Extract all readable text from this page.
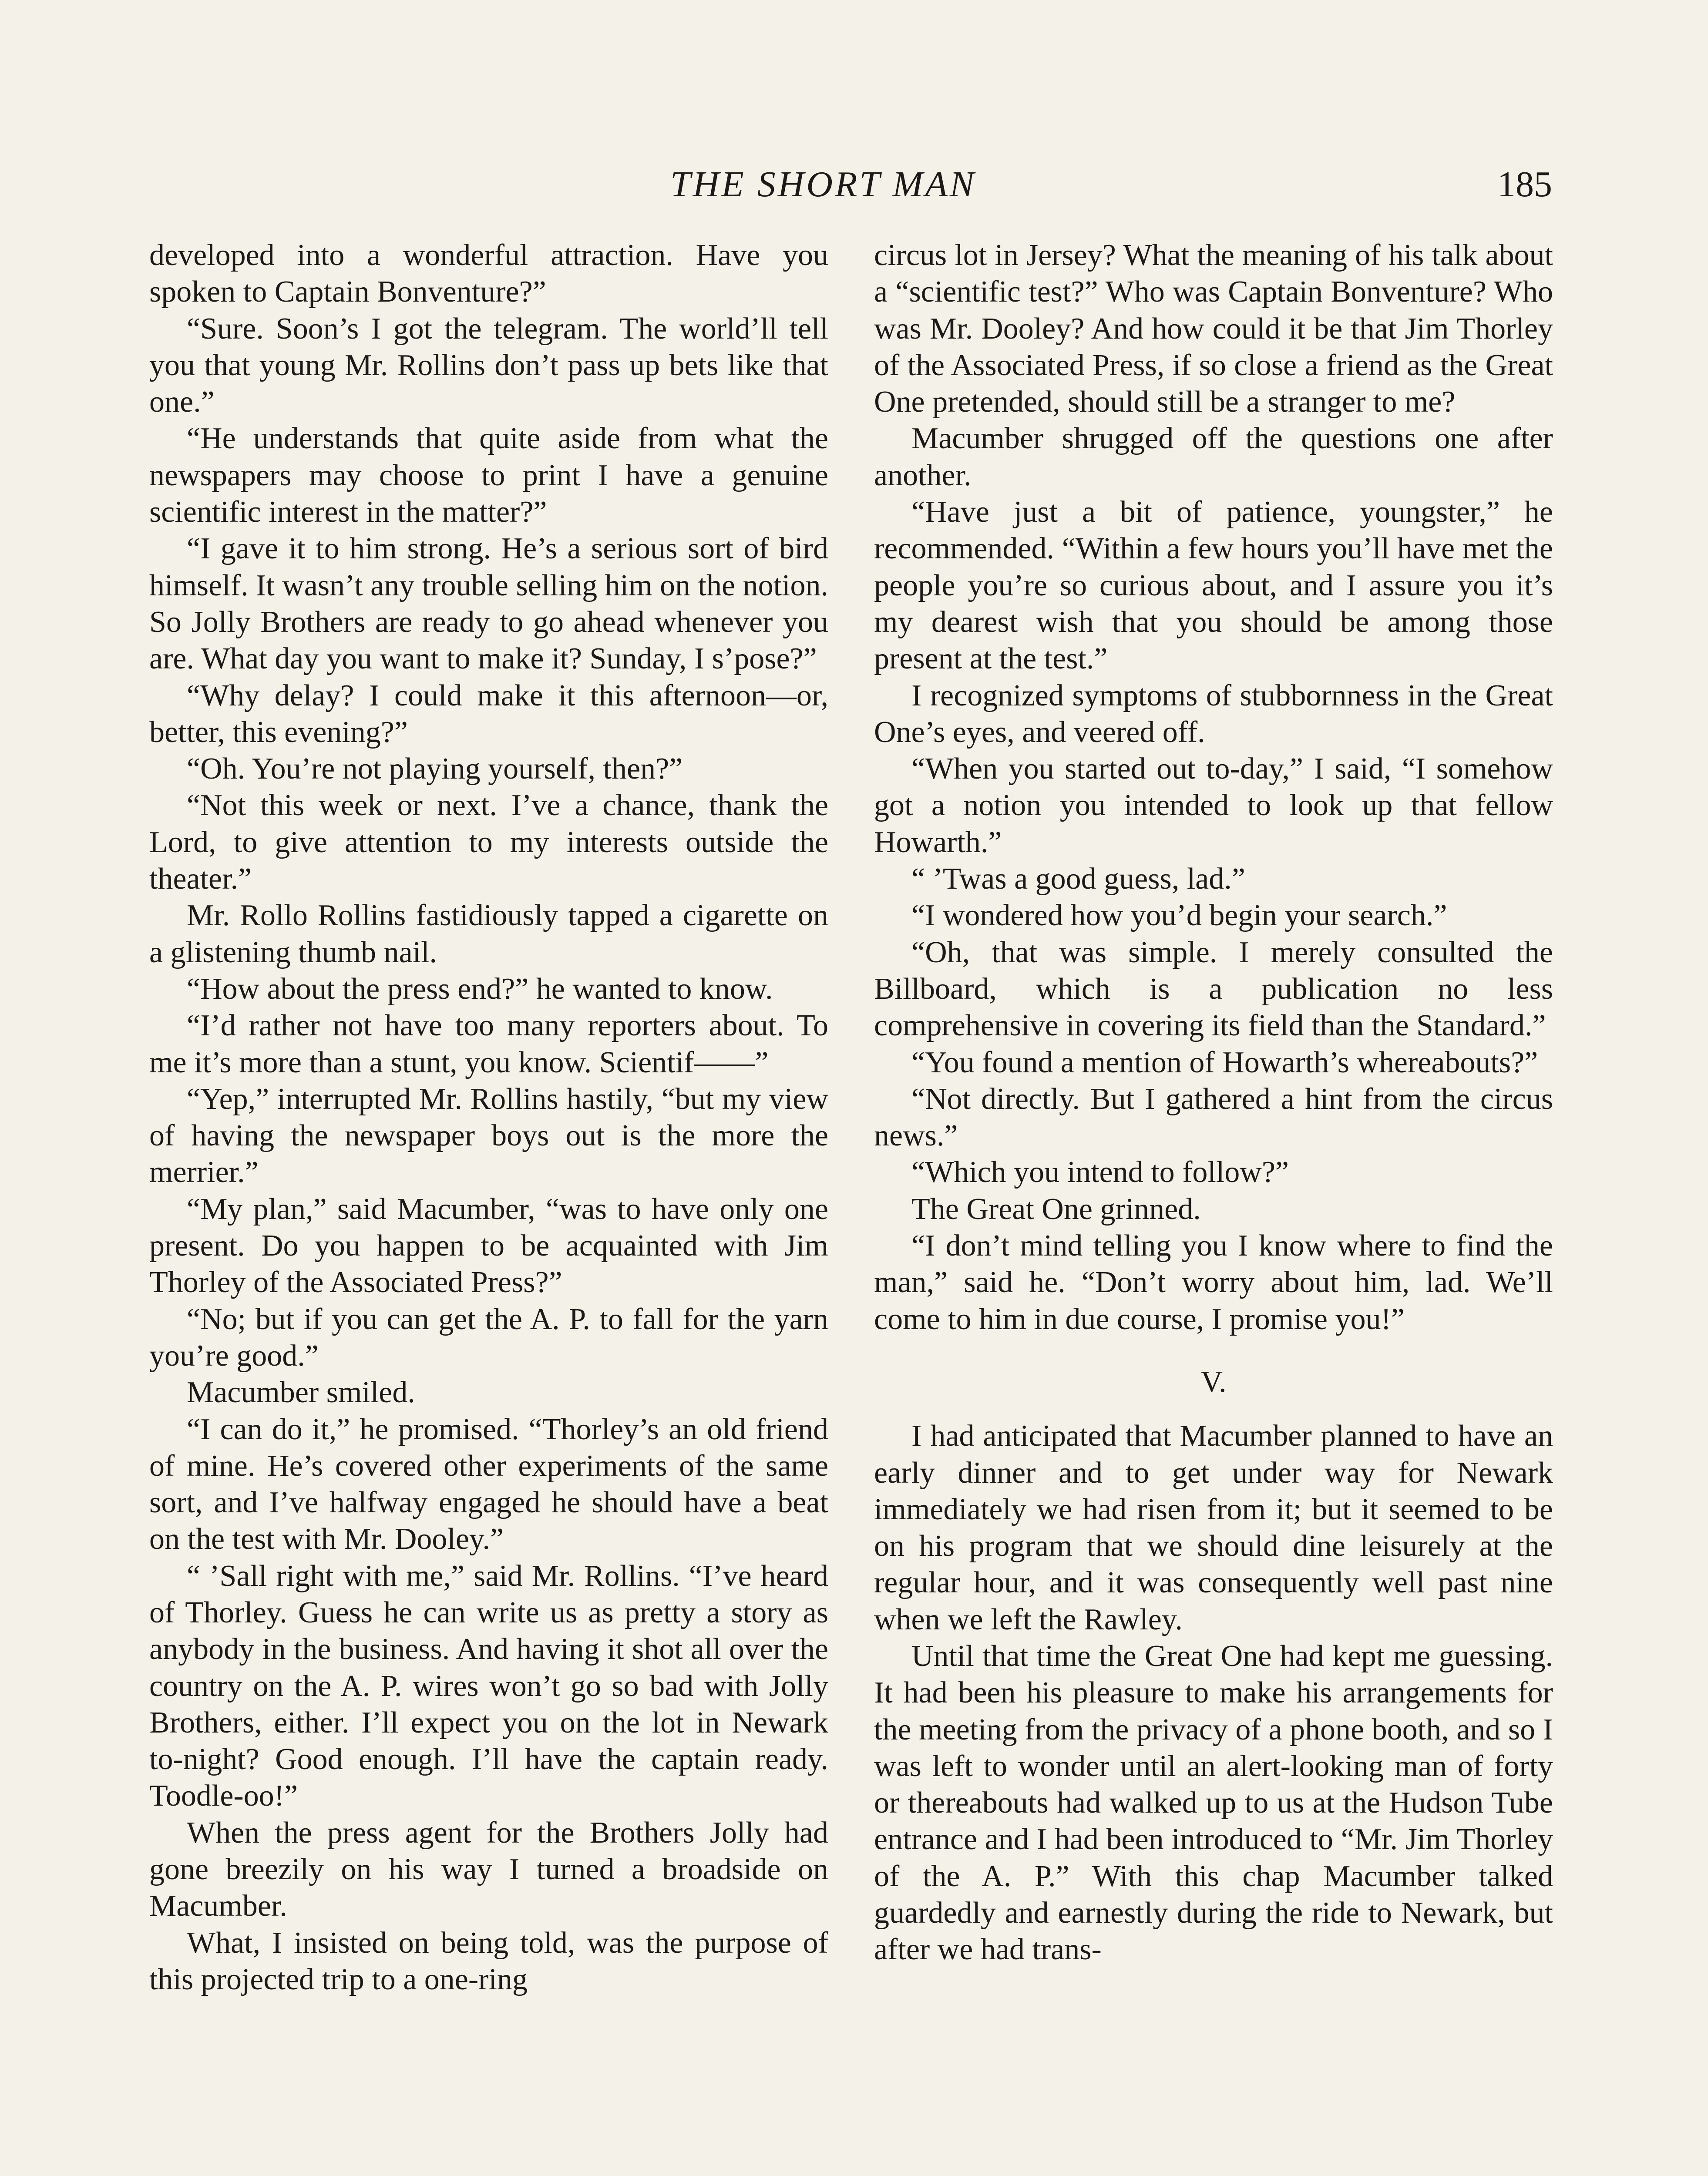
THE SHORT MAN	185

developed into a wonderful attraction. Have you spoken to Captain Bonventure?”

“Sure. Soon’s I got the telegram. The world’ll tell you that young Mr. Rollins don’t pass up bets like that one.”

“He understands that quite aside from what the newspapers may choose to print I have a genuine scientific interest in the matter?”

“I gave it to him strong. He’s a serious sort of bird himself. It wasn’t any trouble selling him on the notion. So Jolly Brothers are ready to go ahead whenever you are. What day you want to make it? Sunday, I s’pose?”

“Why delay? I could make it this afternoon—or, better, this evening?”

“Oh. You’re not playing yourself, then?”

“Not this week or next. I’ve a chance, thank the Lord, to give attention to my interests outside the theater.”

Mr. Rollo Rollins fastidiously tapped a cigarette on a glistening thumb nail.

“How about the press end?” he wanted to know.

“I’d rather not have too many reporters about. To me it’s more than a stunt, you know. Scientif——”

“Yep,” interrupted Mr. Rollins hastily, “but my view of having the newspaper boys out is the more the merrier.”

“My plan,” said Macumber, “was to have only one present. Do you happen to be acquainted with Jim Thorley of the Associated Press?”

“No; but if you can get the A. P. to fall for the yarn you’re good.”

Macumber smiled.

“I can do it,” he promised. “Thorley’s an old friend of mine. He’s covered other experiments of the same sort, and I’ve halfway engaged he should have a beat on the test with Mr. Dooley.”

“ ’Sall right with me,” said Mr. Rollins. “I’ve heard of Thorley. Guess he can write us as pretty a story as anybody in the business. And having it shot all over the country on the A. P. wires won’t go so bad with Jolly Brothers, either. I’ll expect you on the lot in Newark to-night? Good enough. I’ll have the captain ready. Toodle-oo!”

When the press agent for the Brothers Jolly had gone breezily on his way I turned a broadside on Macumber.

What, I insisted on being told, was the purpose of this projected trip to a one-ring

circus lot in Jersey? What the meaning of his talk about a “scientific test?” Who was Captain Bonventure? Who was Mr. Dooley? And how could it be that Jim Thorley of the Associated Press, if so close a friend as the Great One pretended, should still be a stranger to me?

Macumber shrugged off the questions one after another.

“Have just a bit of patience, youngster,” he recommended. “Within a few hours you’ll have met the people you’re so curious about, and I assure you it’s my dearest wish that you should be among those present at the test.”

I recognized symptoms of stubbornness in the Great One’s eyes, and veered off.

“When you started out to-day,” I said, “I somehow got a notion you intended to look up that fellow Howarth.”

“ ’Twas a good guess, lad.”

“I wondered how you’d begin your search.”

“Oh, that was simple. I merely consulted the Billboard, which is a publication no less comprehensive in covering its field than the Standard.”

“You found a mention of Howarth’s whereabouts?”

“Not directly. But I gathered a hint from the circus news.”

“Which you intend to follow?”

The Great One grinned.

“I don’t mind telling you I know where to find the man,” said he. “Don’t worry about him, lad. We’ll come to him in due course, I promise you!”

V.

I had anticipated that Macumber planned to have an early dinner and to get under way for Newark immediately we had risen from it; but it seemed to be on his program that we should dine leisurely at the regular hour, and it was consequently well past nine when we left the Rawley.

Until that time the Great One had kept me guessing. It had been his pleasure to make his arrangements for the meeting from the privacy of a phone booth, and so I was left to wonder until an alert-looking man of forty or thereabouts had walked up to us at the Hudson Tube entrance and I had been introduced to “Mr. Jim Thorley of the A. P.” With this chap Macumber talked guardedly and earnestly during the ride to Newark, but after we had trans-
